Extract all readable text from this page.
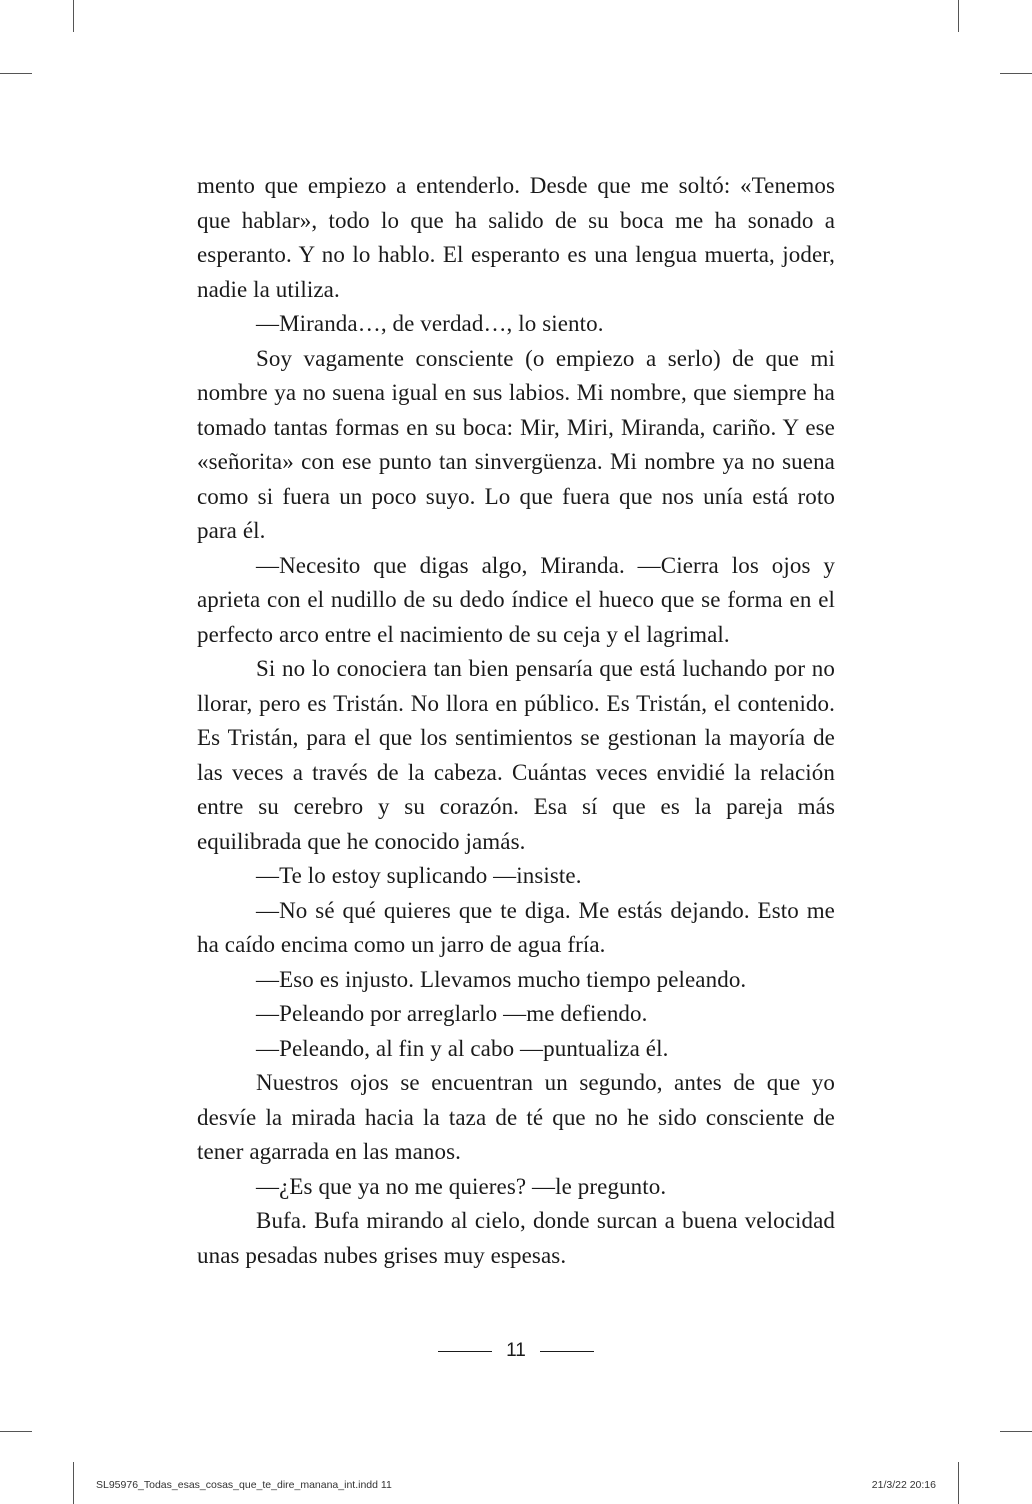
mento que empiezo a entenderlo. Desde que me soltó: «Tenemos que hablar», todo lo que ha salido de su boca me ha sonado a esperanto. Y no lo hablo. El esperanto es una lengua muerta, joder, nadie la utiliza.

—Miranda…, de verdad…, lo siento.

Soy vagamente consciente (o empiezo a serlo) de que mi nombre ya no suena igual en sus labios. Mi nombre, que siempre ha tomado tantas formas en su boca: Mir, Miri, Miranda, cariño. Y ese «señorita» con ese punto tan sinvergüenza. Mi nombre ya no suena como si fuera un poco suyo. Lo que fuera que nos unía está roto para él.

—Necesito que digas algo, Miranda. —Cierra los ojos y aprieta con el nudillo de su dedo índice el hueco que se forma en el perfecto arco entre el nacimiento de su ceja y el lagrimal.

Si no lo conociera tan bien pensaría que está luchando por no llorar, pero es Tristán. No llora en público. Es Tristán, el contenido. Es Tristán, para el que los sentimientos se gestionan la mayoría de las veces a través de la cabeza. Cuántas veces envidié la relación entre su cerebro y su corazón. Esa sí que es la pareja más equilibrada que he conocido jamás.

—Te lo estoy suplicando —insiste.

—No sé qué quieres que te diga. Me estás dejando. Esto me ha caído encima como un jarro de agua fría.

—Eso es injusto. Llevamos mucho tiempo peleando.

—Peleando por arreglarlo —me defiendo.

—Peleando, al fin y al cabo —puntualiza él.

Nuestros ojos se encuentran un segundo, antes de que yo desvíe la mirada hacia la taza de té que no he sido consciente de tener agarrada en las manos.

—¿Es que ya no me quieres? —le pregunto.

Bufa. Bufa mirando al cielo, donde surcan a buena velocidad unas pesadas nubes grises muy espesas.

11
SL95976_Todas_esas_cosas_que_te_dire_manana_int.indd 11	21/3/22 20:16
